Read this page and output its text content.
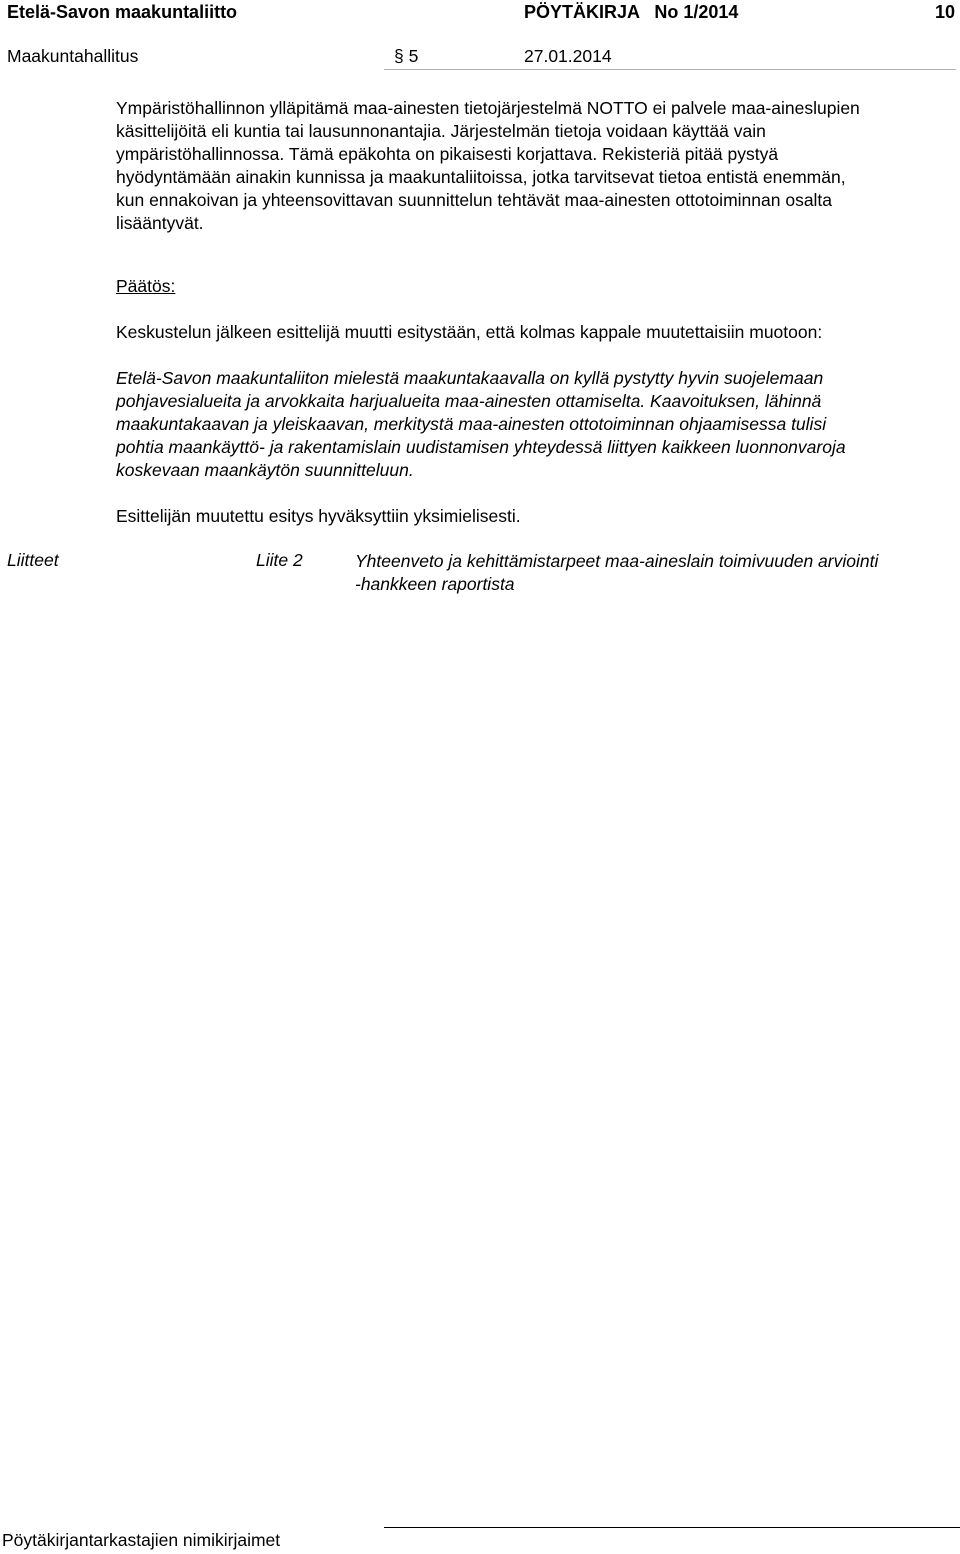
Etelä-Savon maakuntaliitto	PÖYTÄKIRJA   No 1/2014	10
Maakuntahallitus	§ 5	27.01.2014
Ympäristöhallinnon ylläpitämä maa-ainesten tietojärjestelmä NOTTO ei palvele maa-aineslupien
käsittelijöitä eli kuntia tai lausunnonantajia. Järjestelmän tietoja voidaan käyttää vain
ympäristöhallinnossa. Tämä epäkohta on pikaisesti korjattava. Rekisteriä pitää pystyä
hyödyntämään ainakin kunnissa ja maakuntaliitoissa, jotka tarvitsevat tietoa entistä enemmän,
kun ennakoivan ja yhteensovittavan suunnittelun tehtävät maa-ainesten ottotoiminnan osalta
lisääntyvät.
Päätös:
Keskustelun jälkeen esittelijä muutti esitystään, että kolmas kappale muutettaisiin muotoon:
Etelä-Savon maakuntaliiton mielestä maakuntakaavalla on kyllä pystytty hyvin suojelemaan
pohjavesialueita ja arvokkaita harjualueita maa-ainesten ottamiselta. Kaavoituksen, lähinnä
maakuntakaavan ja yleiskaavan, merkitystä maa-ainesten ottotoiminnan ohjaamisessa tulisi
pohtia maankäyttö- ja rakentamislain uudistamisen yhteydessä liittyen kaikkeen luonnonvaroja
koskevaan maankäytön suunnitteluun.
Esittelijän muutettu esitys hyväksyttiin yksimielisesti.
Liitteet	Liite 2	Yhteenveto ja kehittämistarpeet maa-aineslain toimivuuden arviointi
-hankkeen raportista
Pöytäkirjantarkastajien nimikirjaimet
